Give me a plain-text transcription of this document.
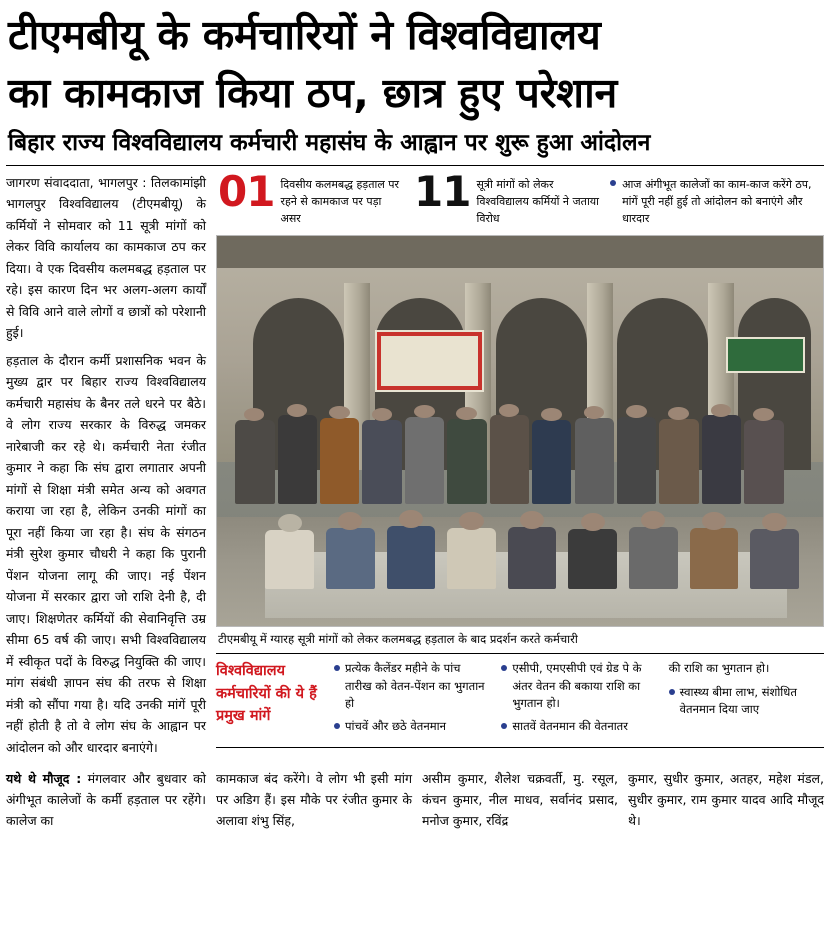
टीएमबीयू के कर्मचारियों ने विश्वविद्यालय
का कामकाज किया ठप, छात्र हुए परेशान
बिहार राज्य विश्वविद्यालय कर्मचारी महासंघ के आह्वान पर शुरू हुआ आंदोलन

जागरण संवाददाता, भागलपुर : तिलकामांझी भागलपुर विश्वविद्यालय (टीएमबीयू) के कर्मियों ने सोमवार को 11 सूत्री मांगों को लेकर विवि कार्यालय का कामकाज ठप कर दिया। वे एक दिवसीय कलमबद्ध हड़ताल पर रहे। इस कारण दिन भर अलग-अलग कार्यों से विवि आने वाले लोगों व छात्रों को परेशानी हुई।

हड़ताल के दौरान कर्मी प्रशासनिक भवन के मुख्य द्वार पर बिहार राज्य विश्वविद्यालय कर्मचारी महासंघ के बैनर तले धरने पर बैठे। वे लोग राज्य सरकार के विरुद्ध जमकर नारेबाजी कर रहे थे। कर्मचारी नेता रंजीत कुमार ने कहा कि संघ द्वारा लगातार अपनी मांगों से शिक्षा मंत्री समेत अन्य को अवगत कराया जा रहा है, लेकिन उनकी मांगों का पूरा नहीं किया जा रहा है। संघ के संगठन मंत्री सुरेश कुमार चौधरी ने कहा कि पुरानी पेंशन योजना लागू की जाए। नई पेंशन योजना में सरकार द्वारा जो राशि देनी है, दी जाए। शिक्षणेतर कर्मियों की सेवानिवृत्ति उम्र सीमा 65 वर्ष की जाए। सभी विश्वविद्यालय में स्वीकृत पदों के विरुद्ध नियुक्ति की जाए। मांग संबंधी ज्ञापन संघ की तरफ से शिक्षा मंत्री को सौंपा गया है। यदि उनकी मांगें पूरी नहीं होती है तो वे लोग संघ के आह्वान पर आंदोलन को और धारदार बनाएंगे।

01 दिवसीय कलमबद्ध हड़ताल पर रहने से कामकाज पर पड़ा असर
11 सूत्री मांगों को लेकर विश्वविद्यालय कर्मियों ने जताया विरोध
आज अंगीभूत कालेजों का काम-काज करेंगे ठप, मांगें पूरी नहीं हुई तो आंदोलन को बनाएंगे और धारदार
टीएमबीयू में ग्यारह सूत्री मांगों को लेकर कलमबद्ध हड़ताल के बाद प्रदर्शन करते कर्मचारी
विश्वविद्यालय कर्मचारियों की ये हैं प्रमुख मांगें
प्रत्येक कैलेंडर महीने के पांच तारीख को वेतन-पेंशन का भुगतान हो
पांचवें और छठे वेतनमान
एसीपी, एमएसीपी एवं ग्रेड पे के अंतर वेतन की बकाया राशि का भुगतान हो।
सातवें वेतनमान की वेतनातर
की राशि का भुगतान हो।
स्वास्थ्य बीमा लाभ, संशोधित वेतनमान दिया जाए
यथे थे मौजूद : मंगलवार और बुधवार को अंगीभूत कालेजों के कर्मी हड़ताल पर रहेंगे। कालेज का
कामकाज बंद करेंगे। वे लोग भी इसी मांग पर अडिग हैं। इस मौके पर रंजीत कुमार के अलावा शंभु सिंह,
असीम कुमार, शैलेश चक्रवर्ती, मु. रसूल, कंचन कुमार, नील माधव, सर्वानंद प्रसाद, मनोज कुमार, रविंद्र
कुमार, सुधीर कुमार, अतहर, महेश मंडल, सुधीर कुमार, राम कुमार यादव आदि मौजूद थे।
